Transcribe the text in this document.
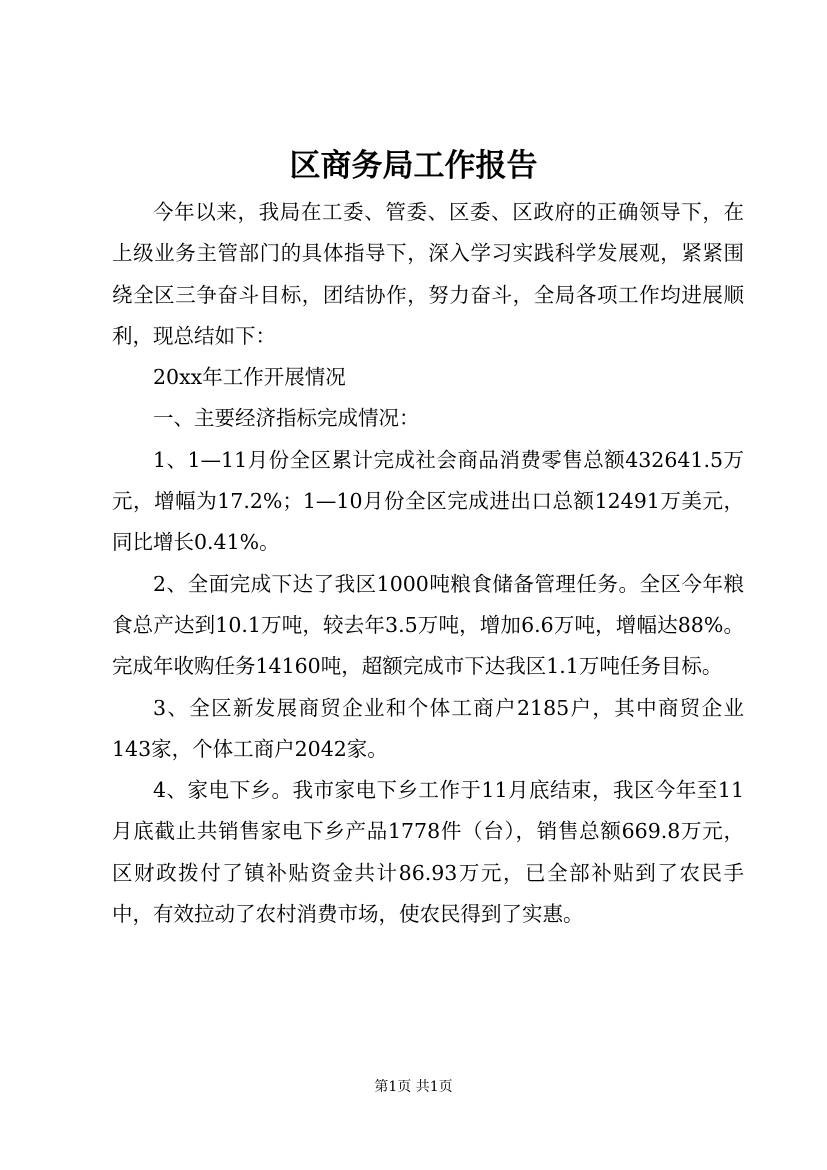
区商务局工作报告

今年以来，我局在工委、管委、区委、区政府的正确领导下，在上级业务主管部门的具体指导下，深入学习实践科学发展观，紧紧围绕全区三争奋斗目标，团结协作，努力奋斗，全局各项工作均进展顺利，现总结如下：

20xx年工作开展情况

一、主要经济指标完成情况：

1、1—11月份全区累计完成社会商品消费零售总额432641.5万元，增幅为17.2%；1—10月份全区完成进出口总额12491万美元，同比增长0.41%。

2、全面完成下达了我区1000吨粮食储备管理任务。全区今年粮食总产达到10.1万吨，较去年3.5万吨，增加6.6万吨，增幅达88%。完成年收购任务14160吨，超额完成市下达我区1.1万吨任务目标。

3、全区新发展商贸企业和个体工商户2185户，其中商贸企业143家，个体工商户2042家。

4、家电下乡。我市家电下乡工作于11月底结束，我区今年至11月底截止共销售家电下乡产品1778件（台），销售总额669.8万元，区财政拨付了镇补贴资金共计86.93万元，已全部补贴到了农民手中，有效拉动了农村消费市场，使农民得到了实惠。

第1页 共1页
